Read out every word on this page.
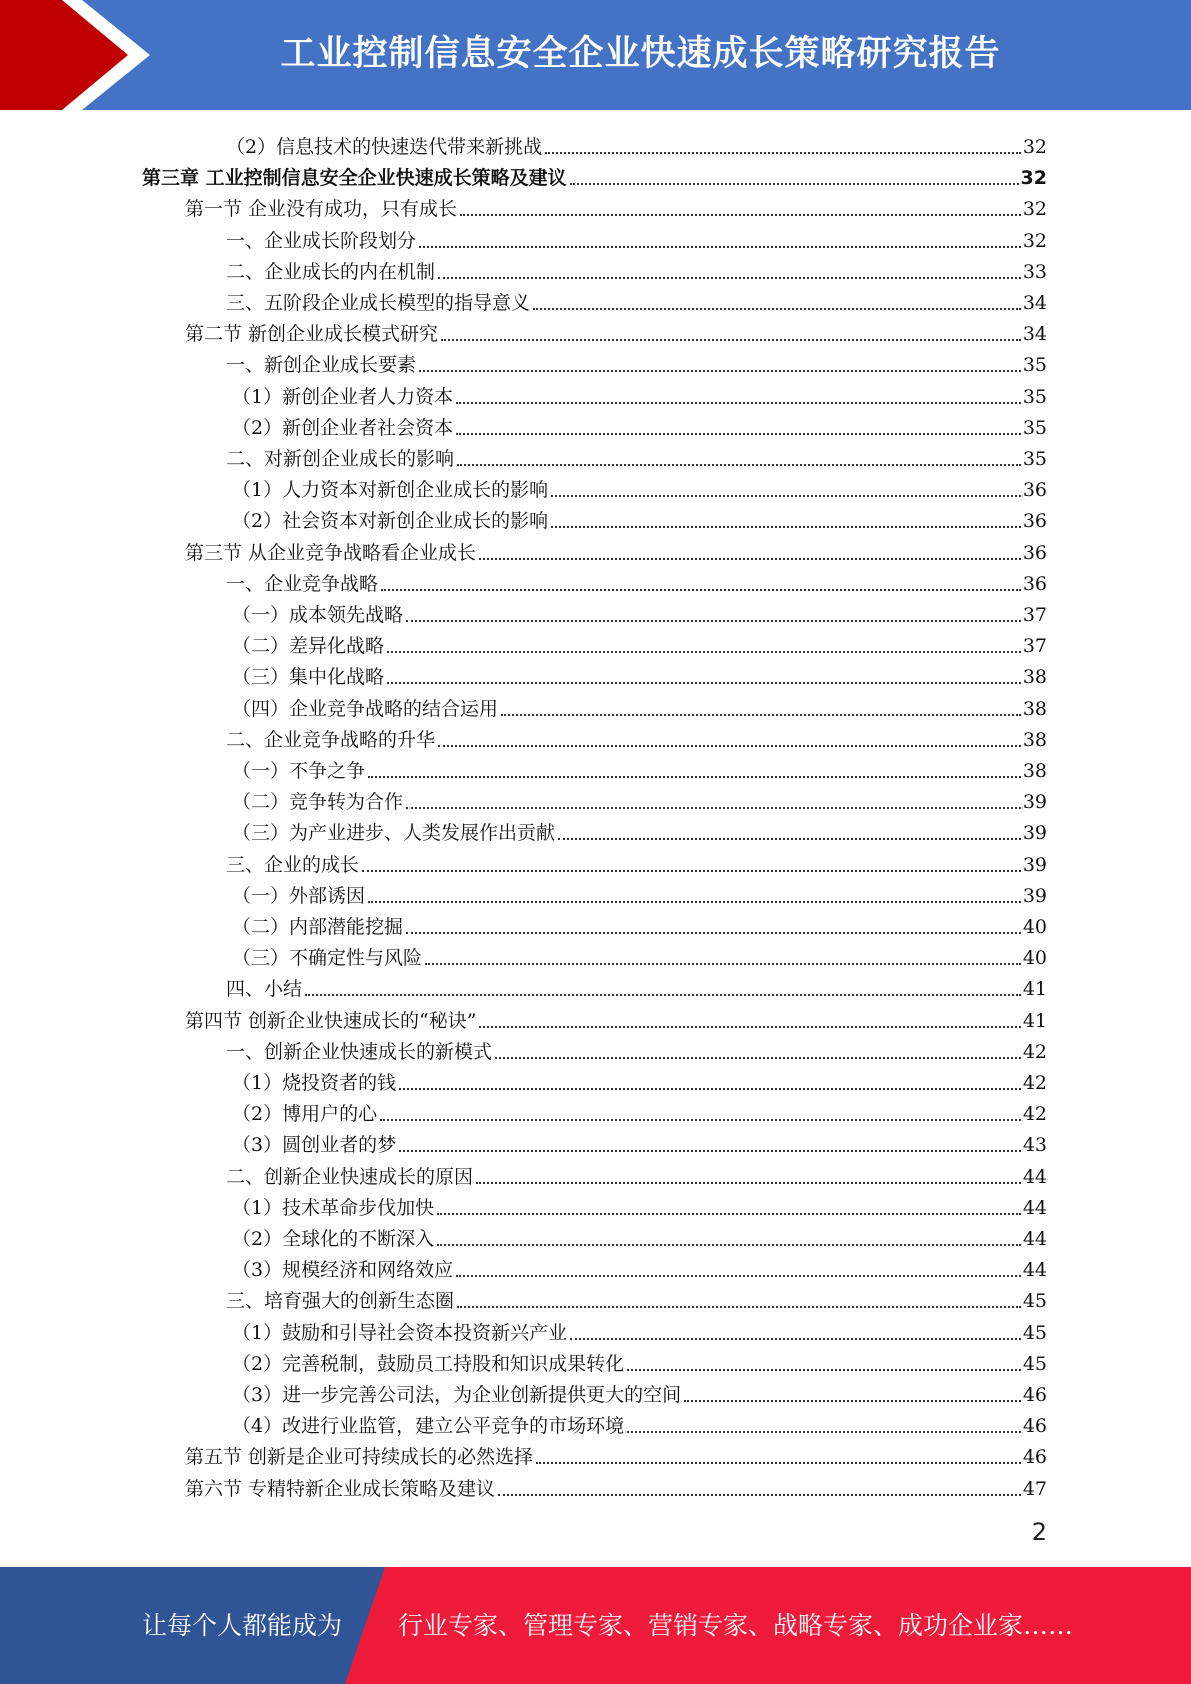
工业控制信息安全企业快速成长策略研究报告
（2）信息技术的快速迭代带来新挑战	32
第三章 工业控制信息安全企业快速成长策略及建议	32
第一节 企业没有成功，只有成长	32
一、企业成长阶段划分	32
二、企业成长的内在机制	33
三、五阶段企业成长模型的指导意义	34
第二节 新创企业成长模式研究	34
一、新创企业成长要素	35
（1）新创企业者人力资本	35
（2）新创企业者社会资本	35
二、对新创企业成长的影响	35
（1）人力资本对新创企业成长的影响	36
（2）社会资本对新创企业成长的影响	36
第三节 从企业竞争战略看企业成长	36
一、企业竞争战略	36
（一）成本领先战略	37
（二）差异化战略	37
（三）集中化战略	38
（四）企业竞争战略的结合运用	38
二、企业竞争战略的升华	38
（一）不争之争	38
（二）竞争转为合作	39
（三）为产业进步、人类发展作出贡献	39
三、企业的成长	39
（一）外部诱因	39
（二）内部潜能挖掘	40
（三）不确定性与风险	40
四、小结	41
第四节 创新企业快速成长的“秘诀”	41
一、创新企业快速成长的新模式	42
（1）烧投资者的钱	42
（2）博用户的心	42
（3）圆创业者的梦	43
二、创新企业快速成长的原因	44
（1）技术革命步伐加快	44
（2）全球化的不断深入	44
（3）规模经济和网络效应	44
三、培育强大的创新生态圈	45
（1）鼓励和引导社会资本投资新兴产业	45
（2）完善税制，鼓励员工持股和知识成果转化	45
（3）进一步完善公司法，为企业创新提供更大的空间	46
（4）改进行业监管，建立公平竞争的市场环境	46
第五节 创新是企业可持续成长的必然选择	46
第六节 专精特新企业成长策略及建议	47
2
让每个人都能成为 行业专家、管理专家、营销专家、战略专家、成功企业家……
